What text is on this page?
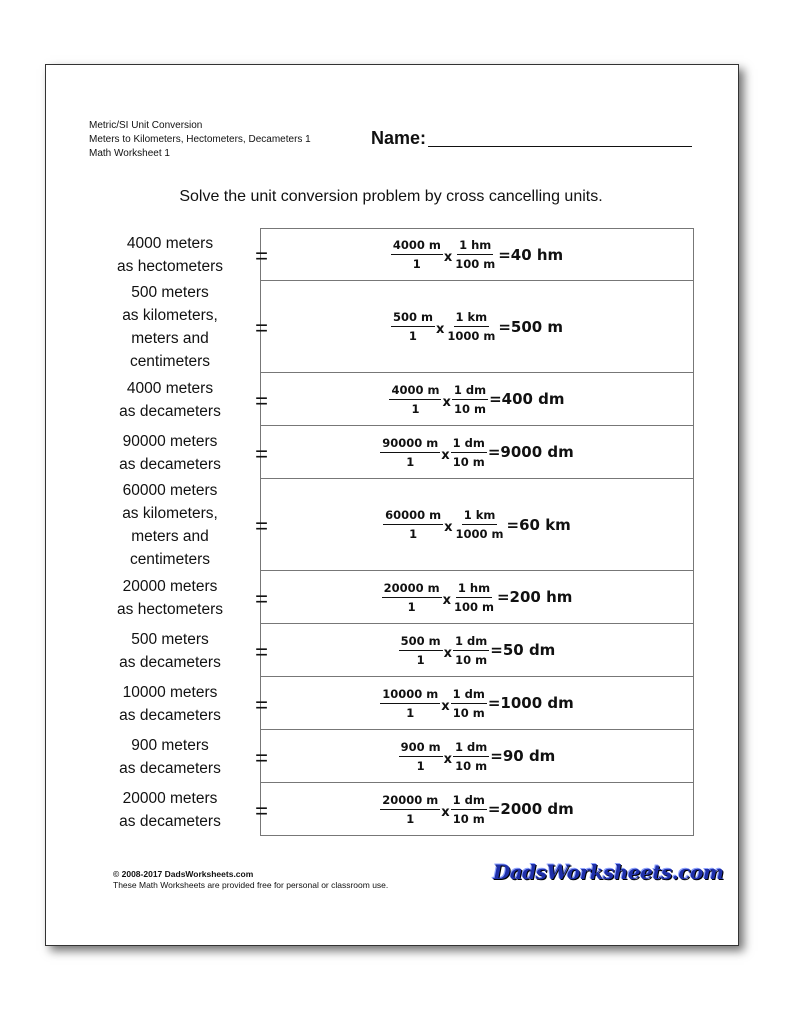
Metric/SI Unit Conversion
Meters to Kilometers, Hectometers, Decameters 1
Math Worksheet 1
Name:
Solve the unit conversion problem by cross cancelling units.
4000 meters
as hectometers	=	$\frac{4000 m}{1}$ x $\frac{1 hm}{100 m} =40$ hm
500 meters
as kilometers,
meters and
centimeters
=	$\frac{500 m}{1}$ x $\frac{1 km}{1000 m} =500$ m
4000 meters
as decameters	=	$\frac{4000 m}{1}$ x $\frac{1 dm}{10 m} =400$ dm
90000 meters
as decameters	=	$\frac{90000 m}{1}$ x $\frac{1 dm}{10 m} =9000$ dm
60000 meters
as kilometers,
meters and
centimeters
=	$\frac{60000 m}{1}$ x $\frac{1 km}{1000 m} =60$ km
20000 meters
as hectometers	=	$\frac{20000 m}{1}$ x $\frac{1 hm}{100 m} =200$ hm
500 meters
as decameters	=	$\frac{500 m}{1}$ x $\frac{1 dm}{10 m} =50$ dm
10000 meters
as decameters	=	$\frac{10000 m}{1}$ x $\frac{1 dm}{10 m} =1000$ dm
900 meters
as decameters	=	$\frac{900 m}{1}$ x $\frac{1 dm}{10 m} =90$ dm
20000 meters
as decameters	=	$\frac{20000 m}{1}$ x $\frac{1 dm}{10 m} =2000$ dm
© 2008-2017 DadsWorksheets.com
These Math Worksheets are provided free for personal or classroom use.
DadsWorksheets.com
